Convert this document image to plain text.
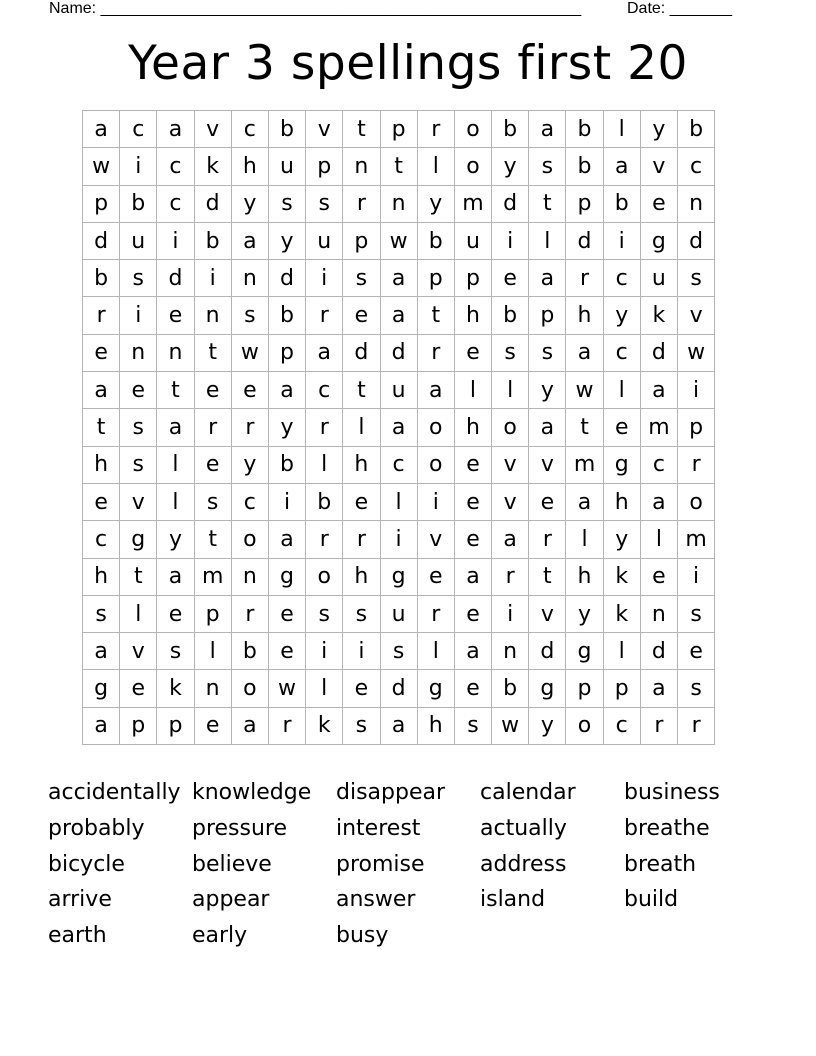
Name: ______________________________________________________	Date: _______
Year 3 spellings first 20
a	c	a	v	c	b	v	t	p	r	o	b	a	b	l	y	b
w	i	c	k	h	u	p	n	t	l	o	y	s	b	a	v	c
p	b	c	d	y	s	s	r	n	y	m	d	t	p	b	e	n
d	u	i	b	a	y	u	p	w	b	u	i	l	d	i	g	d
b	s	d	i	n	d	i	s	a	p	p	e	a	r	c	u	s
r	i	e	n	s	b	r	e	a	t	h	b	p	h	y	k	v
e	n	n	t	w	p	a	d	d	r	e	s	s	a	c	d	w
a	e	t	e	e	a	c	t	u	a	l	l	y	w	l	a	i
t	s	a	r	r	y	r	l	a	o	h	o	a	t	e	m	p
h	s	l	e	y	b	l	h	c	o	e	v	v	m	g	c	r
e	v	l	s	c	i	b	e	l	i	e	v	e	a	h	a	o
c	g	y	t	o	a	r	r	i	v	e	a	r	l	y	l	m
h	t	a	m	n	g	o	h	g	e	a	r	t	h	k	e	i
s	l	e	p	r	e	s	s	u	r	e	i	v	y	k	n	s
a	v	s	l	b	e	i	i	s	l	a	n	d	g	l	d	e
g	e	k	n	o	w	l	e	d	g	e	b	g	p	p	a	s
a	p	p	e	a	r	k	s	a	h	s	w	y	o	c	r	r
accidentally knowledge disappear calendar business
probably pressure interest	actually	breathe
bicycle	believe	promise	address	breath
arrive	appear	answer	island	build
earth	early	busy
